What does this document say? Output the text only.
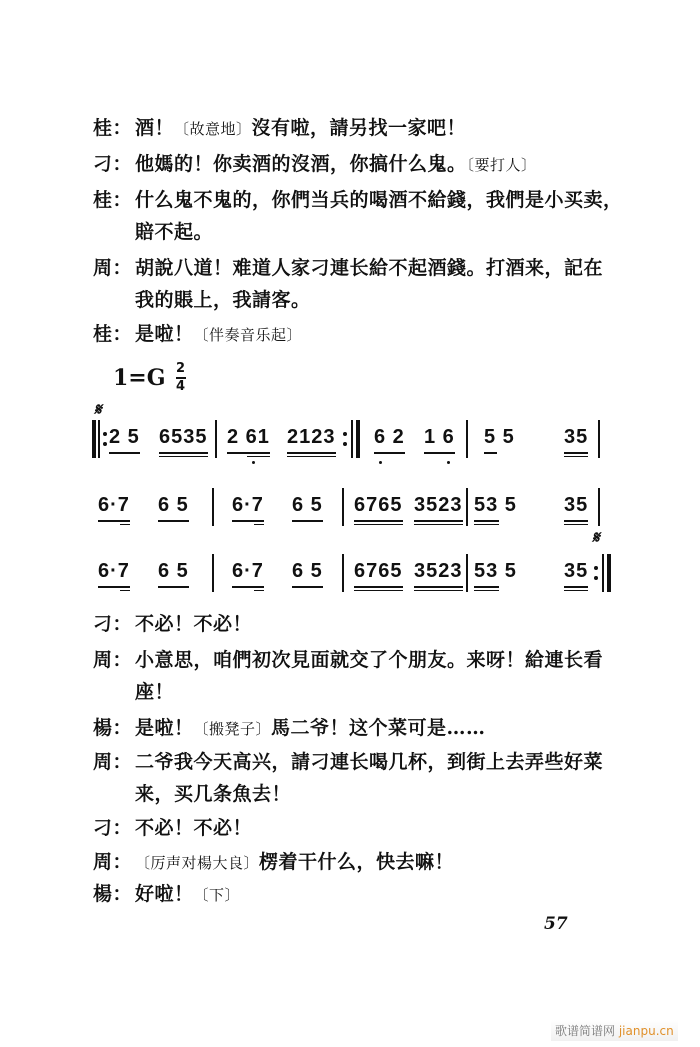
桂： 酒！〔故意地〕沒有啦，請另找一家吧！
刁： 他媽的！你卖酒的沒酒，你搞什么鬼。〔要打人〕
桂： 什么鬼不鬼的，你們当兵的喝酒不給錢，我們是小买卖，
賠不起。
周： 胡說八道！难道人家刁連长給不起酒錢。打酒来，記在
我的賬上，我請客。
桂： 是啦！〔伴奏音乐起〕
$1=G \frac{2}{4}$
𝄋
2 5 6535 2 61 2123 6 2 1 6 5 5 35
6·7 6 5 6·7 6 5 6765 3523 53 5 35
6·7 6 5 6·7 6 5 6765 3523 53 5 35
𝄋
刁： 不必！不必！
周： 小意思，咱們初次見面就交了个朋友。来呀！給連长看
座！
楊： 是啦！〔搬凳子〕馬二爷！这个菜可是……
周： 二爷我今天高兴，請刁連长喝几杯，到街上去弄些好菜
来，买几条魚去！
刁： 不必！不必！
周： 〔厉声对楊大良〕楞着干什么，快去嘛！
楊： 好啦！〔下〕
57
歌谱简谱网 jianpu.cn
